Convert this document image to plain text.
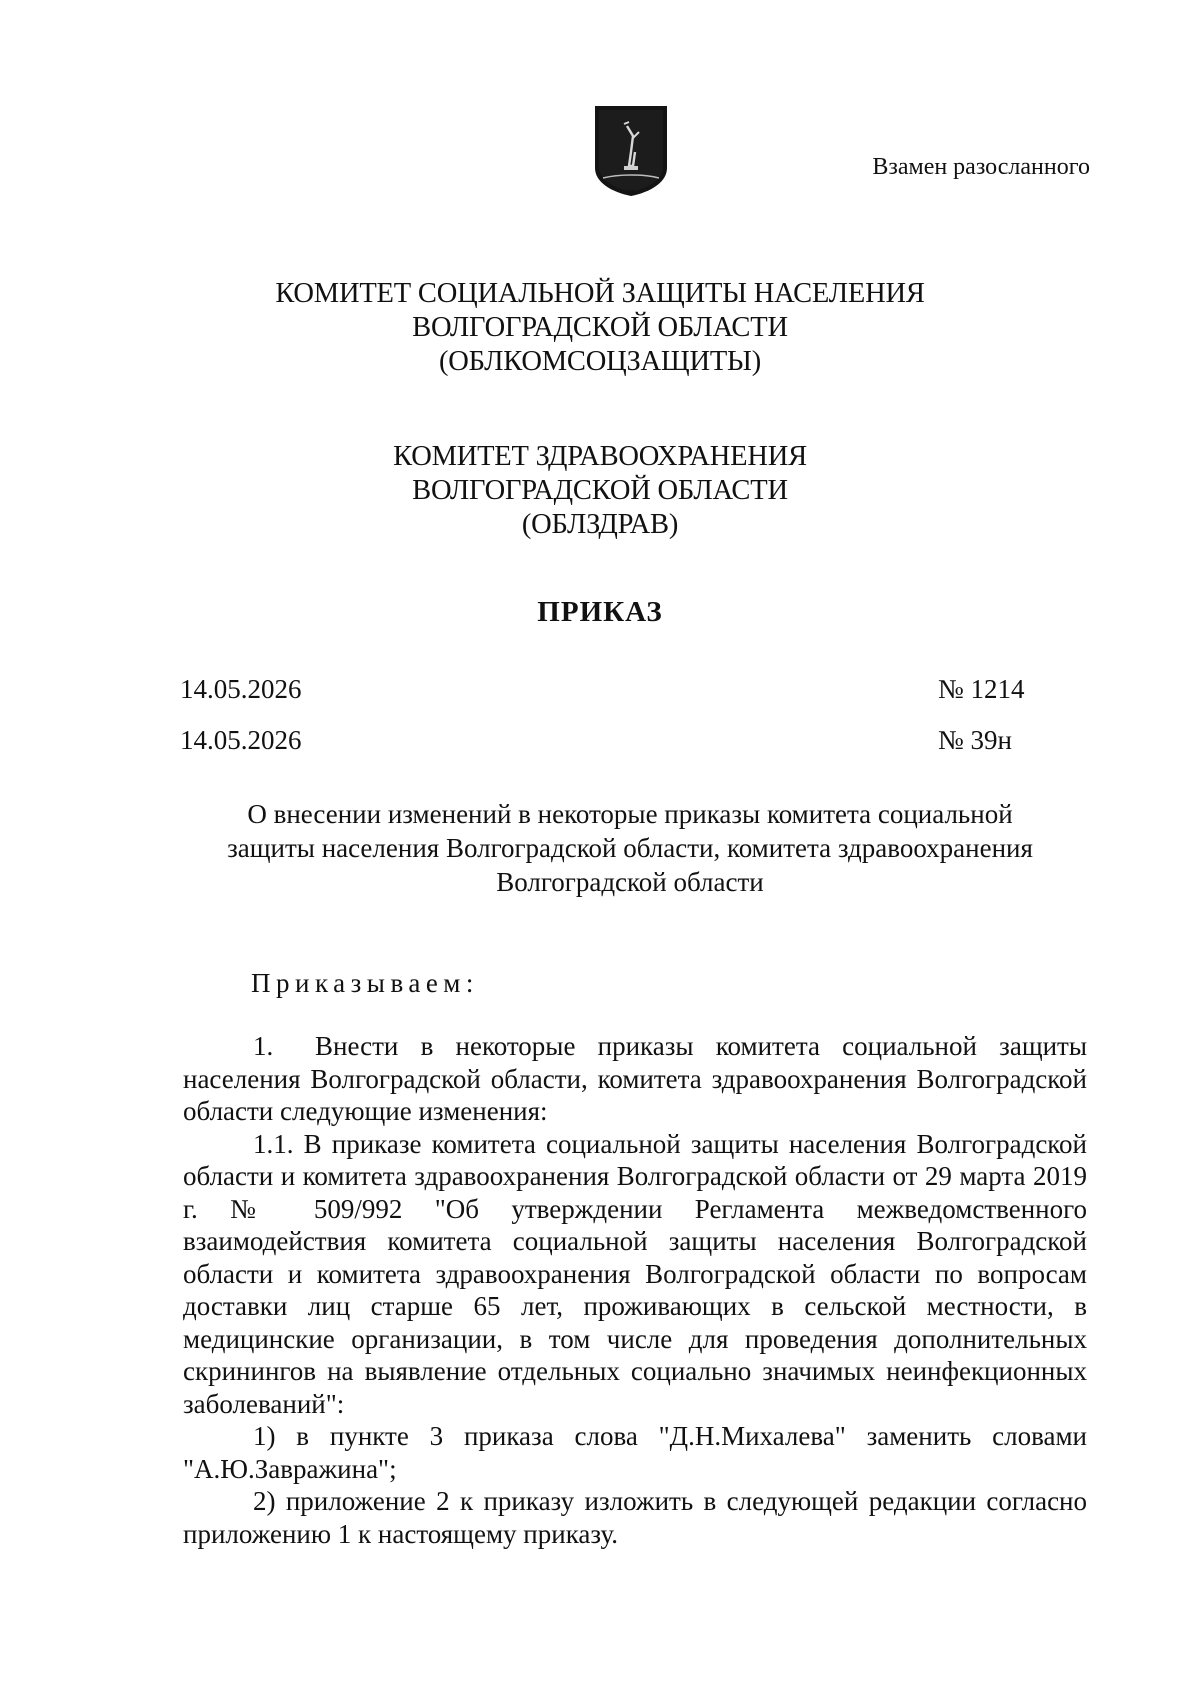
Взамен разосланного
КОМИТЕТ СОЦИАЛЬНОЙ ЗАЩИТЫ НАСЕЛЕНИЯ
ВОЛГОГРАДСКОЙ ОБЛАСТИ
(ОБЛКОМСОЦЗАЩИТЫ)
КОМИТЕТ ЗДРАВООХРАНЕНИЯ
ВОЛГОГРАДСКОЙ ОБЛАСТИ
(ОБЛЗДРАВ)
ПРИКАЗ
14.05.2026	№ 1214
14.05.2026	№ 39н
О внесении изменений в некоторые приказы комитета социальной
защиты населения Волгоградской области, комитета здравоохранения
Волгоградской области
Приказываем:

1. Внести в некоторые приказы комитета социальной защиты населения Волгоградской области, комитета здравоохранения Волгоградской области следующие изменения:

1.1. В приказе комитета социальной защиты населения Волгоградской области и комитета здравоохранения Волгоградской области от 29 марта 2019 г. № 509/992 "Об утверждении Регламента межведомственного взаимодействия комитета социальной защиты населения Волгоградской области и комитета здравоохранения Волгоградской области по вопросам доставки лиц старше 65 лет, проживающих в сельской местности, в медицинские организации, в том числе для проведения дополнительных скринингов на выявление отдельных социально значимых неинфекционных заболеваний":

1) в пункте 3 приказа слова "Д.Н.Михалева" заменить словами "А.Ю.Завражина";

2) приложение 2 к приказу изложить в следующей редакции согласно приложению 1 к настоящему приказу.
